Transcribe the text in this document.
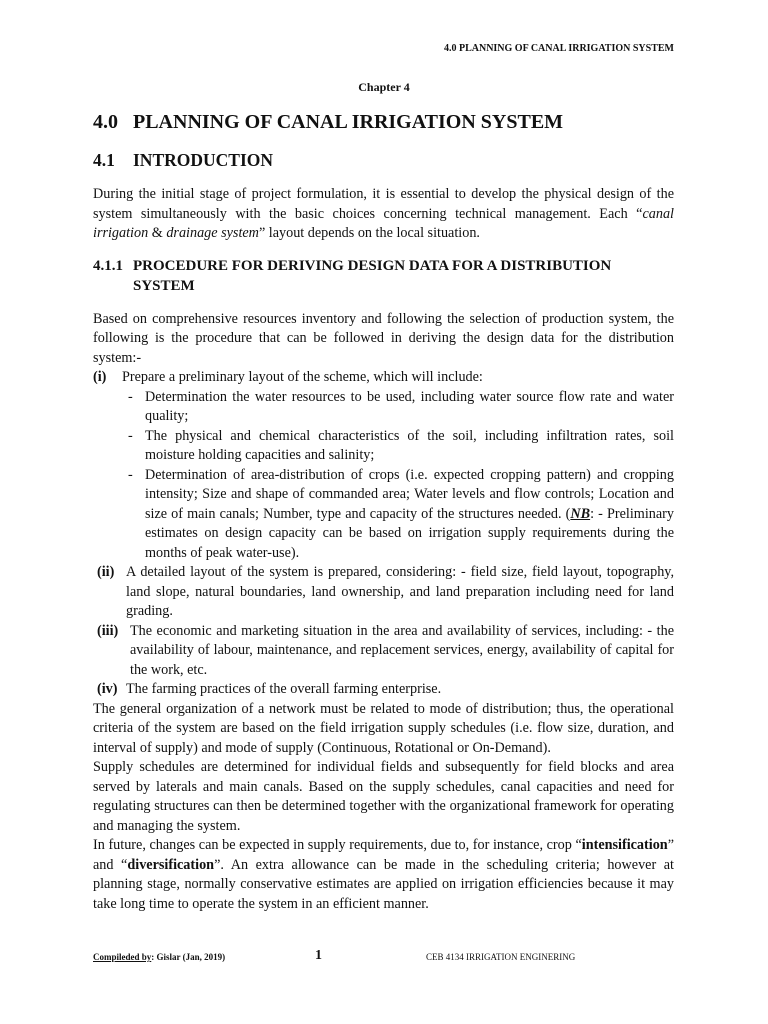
4.0 PLANNING OF CANAL IRRIGATION SYSTEM
Chapter 4
4.0 PLANNING OF CANAL IRRIGATION SYSTEM
4.1 INTRODUCTION

During the initial stage of project formulation, it is essential to develop the physical design of the system simultaneously with the basic choices concerning technical management. Each “canal irrigation & drainage system” layout depends on the local situation.

4.1.1 PROCEDURE FOR DERIVING DESIGN DATA FOR A DISTRIBUTION SYSTEM

Based on comprehensive resources inventory and following the selection of production system, the following is the procedure that can be followed in deriving the design data for the distribution system:-

(i)	Prepare a preliminary layout of the scheme, which will include:
- Determination the water resources to be used, including water source flow rate and water quality;
- The physical and chemical characteristics of the soil, including infiltration rates, soil moisture holding capacities and salinity;
- Determination of area-distribution of crops (i.e. expected cropping pattern) and cropping intensity; Size and shape of commanded area; Water levels and flow controls; Location and size of main canals; Number, type and capacity of the structures needed. (NB: - Preliminary estimates on design capacity can be based on irrigation supply requirements during the months of peak water-use).
(ii) A detailed layout of the system is prepared, considering: - field size, field layout, topography, land slope, natural boundaries, land ownership, and land preparation including need for land grading.
(iii) The economic and marketing situation in the area and availability of services, including: - the availability of labour, maintenance, and replacement services, energy, availability of capital for the work, etc.
(iv) The farming practices of the overall farming enterprise.

The general organization of a network must be related to mode of distribution; thus, the operational criteria of the system are based on the field irrigation supply schedules (i.e. flow size, duration, and interval of supply) and mode of supply (Continuous, Rotational or On-Demand).

Supply schedules are determined for individual fields and subsequently for field blocks and area served by laterals and main canals. Based on the supply schedules, canal capacities and need for regulating structures can then be determined together with the organizational framework for operating and managing the system.

In future, changes can be expected in supply requirements, due to, for instance, crop “intensification” and “diversification”. An extra allowance can be made in the scheduling criteria; however at planning stage, normally conservative estimates are applied on irrigation efficiencies because it may take long time to operate the system in an efficient manner.

Compileded by: Gislar (Jan, 2019)	1	CEB 4134 IRRIGATION ENGINERING
